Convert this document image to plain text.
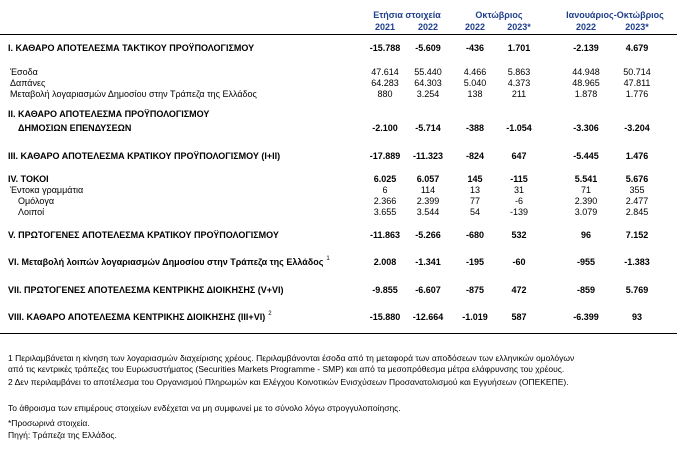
Ετήσια στοιχεία	Οκτώβριος	Ιανουάριος-Οκτώβριος
2021	2022	2022	2023*	2022	2023*
I. ΚΑΘΑΡΟ ΑΠΟΤΕΛΕΣΜΑ ΤΑΚΤΙΚΟΥ ΠΡΟΫΠΟΛΟΓΙΣΜΟΥ	-15.788	-5.609	-436	1.701	-2.139	4.679
Έσοδα	47.614	55.440	4.466	5.863	44.948	50.714
Δαπάνες	64.283	64.303	5.040	4.373	48.965	47.811
Μεταβολή λογαριασμών Δημοσίου στην Τράπεζα της Ελλάδος	880	3.254	138	211	1.878	1.776
II. ΚΑΘΑΡΟ ΑΠΟΤΕΛΕΣΜΑ ΠΡΟΫΠΟΛΟΓΙΣΜΟΥ
ΔΗΜΟΣΙΩΝ ΕΠΕΝΔΥΣΕΩΝ	-2.100	-5.714	-388	-1.054	-3.306	-3.204
III. ΚΑΘΑΡΟ ΑΠΟΤΕΛΕΣΜΑ ΚΡΑΤΙΚΟΥ ΠΡΟΫΠΟΛΟΓΙΣΜΟΥ (I+II)	-17.889	-11.323	-824	647	-5.445	1.476
IV. ΤΟΚΟΙ	6.025	6.057	145	-115	5.541	5.676
Έντοκα γραμμάτια	6	114	13	31	71	355
Ομόλογα	2.366	2.399	77	-6	2.390	2.477
Λοιποί	3.655	3.544	54	-139	3.079	2.845
V. ΠΡΩΤΟΓΕΝΕΣ ΑΠΟΤΕΛΕΣΜΑ ΚΡΑΤΙΚΟΥ ΠΡΟΫΠΟΛΟΓΙΣΜΟΥ	-11.863	-5.266	-680	532	96	7.152
VI. Μεταβολή λοιπών λογαριασμών Δημοσίου στην Τράπεζα της Ελλάδος 1	2.008	-1.341	-195	-60	-955	-1.383
VII. ΠΡΩΤΟΓΕΝΕΣ ΑΠΟΤΕΛΕΣΜΑ ΚΕΝΤΡΙΚΗΣ ΔΙΟΙΚΗΣΗΣ (V+VI)	-9.855	-6.607	-875	472	-859	5.769
VIII. ΚΑΘΑΡΟ ΑΠΟΤΕΛΕΣΜΑ ΚΕΝΤΡΙΚΗΣ ΔΙΟΙΚΗΣΗΣ (III+VI) 2	-15.880	-12.664	-1.019	587	-6.399	93
1 Περιλαμβάνεται η κίνηση των λογαριασμών διαχείρισης χρέους. Περιλαμβάνονται έσοδα από τη μεταφορά των αποδόσεων των ελληνικών ομολόγων
από τις κεντρικές τράπεζες του Ευρωσυστήματος (Securities Markets Programme - SMP) και από τα μεσοπρόθεσμα μέτρα ελάφρυνσης του χρέους.
2 Δεν περιλαμβάνει το αποτέλεσμα του Οργανισμού Πληρωμών και Ελέγχου Κοινοτικών Ενισχύσεων Προσανατολισμού και Εγγυήσεων (ΟΠΕΚΕΠΕ).
Το άθροισμα των επιμέρους στοιχείων ενδέχεται να μη συμφωνεί με το σύνολο λόγω στρογγυλοποίησης.
*Προσωρινά στοιχεία.
Πηγή: Τράπεζα της Ελλάδος.
